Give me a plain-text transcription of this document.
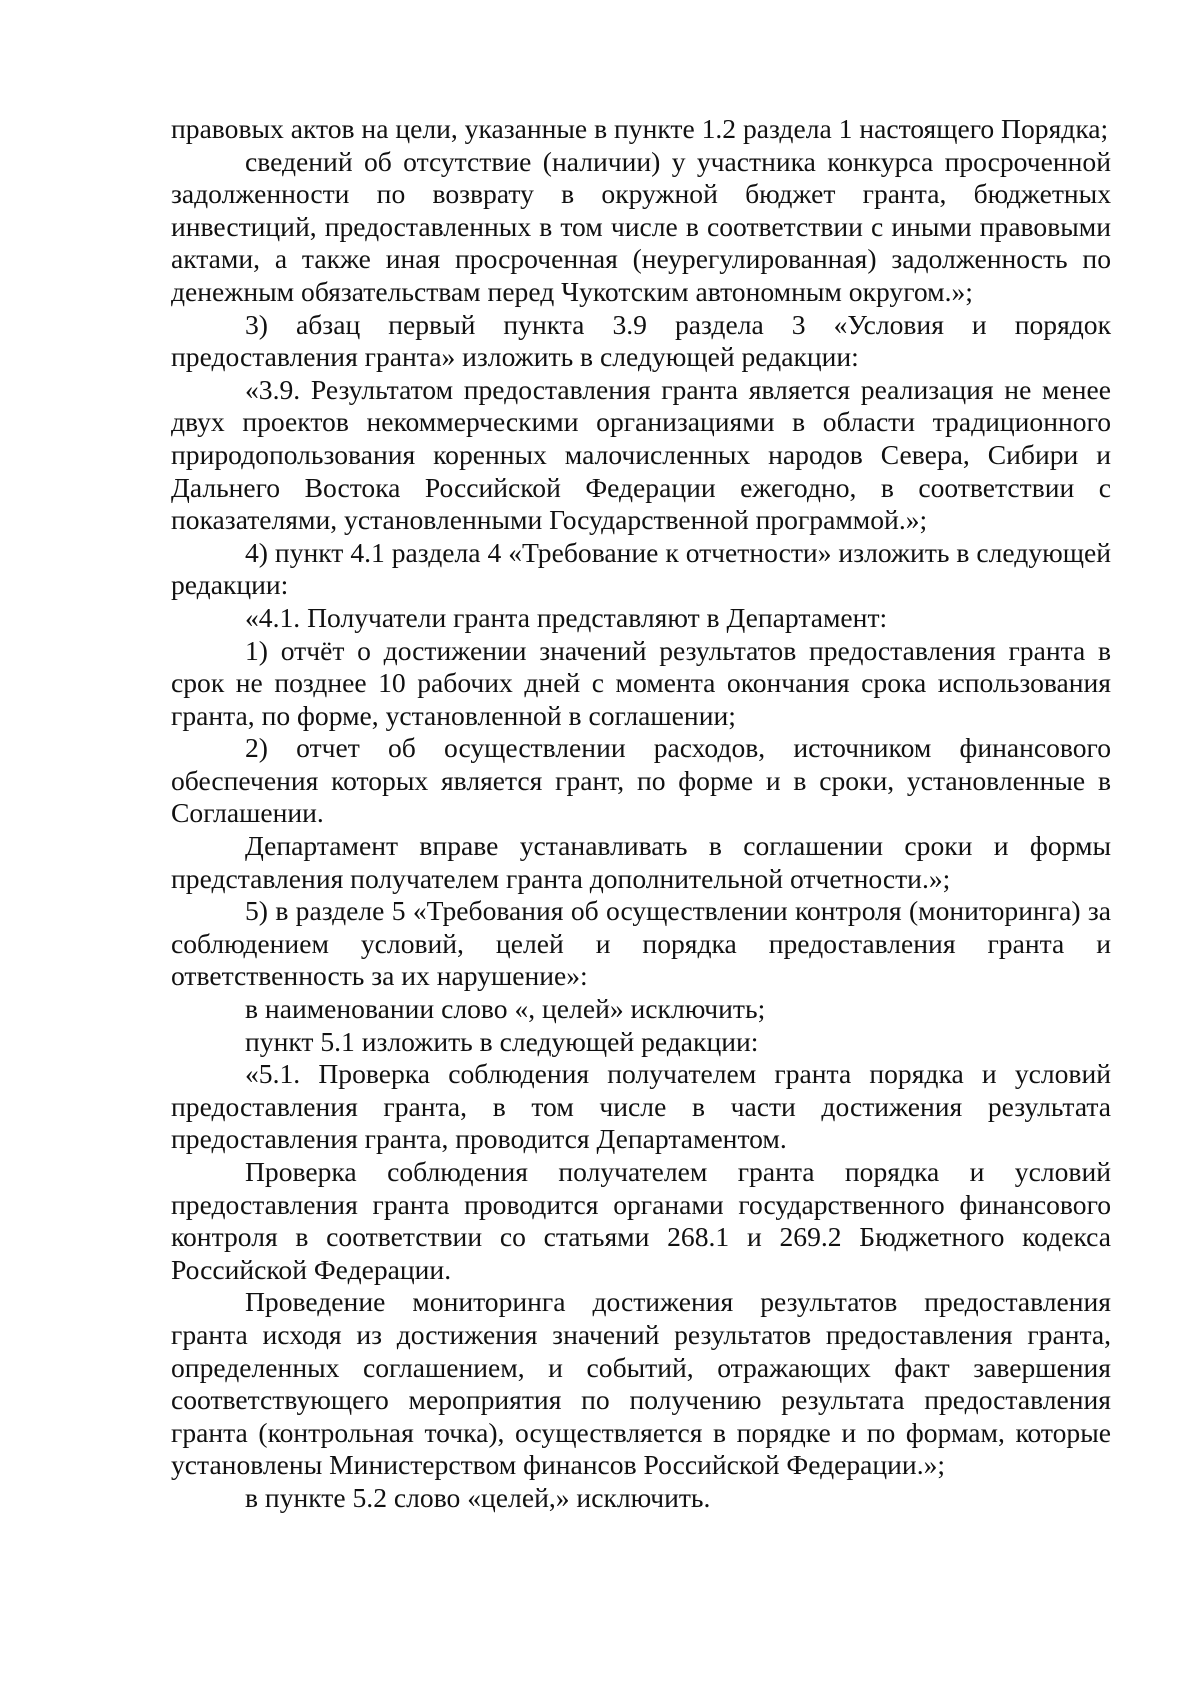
правовых актов на цели, указанные в пункте 1.2 раздела 1 настоящего Порядка;

сведений об отсутствие (наличии) у участника конкурса просроченной задолженности по возврату в окружной бюджет гранта, бюджетных инвестиций, предоставленных в том числе в соответствии с иными правовыми актами, а также иная просроченная (неурегулированная) задолженность по денежным обязательствам перед Чукотским автономным округом.»;

3) абзац первый пункта 3.9 раздела 3 «Условия и порядок предоставления гранта» изложить в следующей редакции:

«3.9. Результатом предоставления гранта является реализация не менее двух проектов некоммерческими организациями в области традиционного природопользования коренных малочисленных народов Севера, Сибири и Дальнего Востока Российской Федерации ежегодно, в соответствии с показателями, установленными Государственной программой.»;

4) пункт 4.1 раздела 4 «Требование к отчетности» изложить в следующей редакции:

«4.1. Получатели гранта представляют в Департамент:

1) отчёт о достижении значений результатов предоставления гранта в срок не позднее 10 рабочих дней с момента окончания срока использования гранта, по форме, установленной в соглашении;

2) отчет об осуществлении расходов, источником финансового обеспечения которых является грант, по форме и в сроки, установленные в Соглашении.

Департамент вправе устанавливать в соглашении сроки и формы представления получателем гранта дополнительной отчетности.»;

5) в разделе 5 «Требования об осуществлении контроля (мониторинга) за соблюдением условий, целей и порядка предоставления гранта и ответственность за их нарушение»:

в наименовании слово «, целей» исключить;

пункт 5.1 изложить в следующей редакции:

«5.1. Проверка соблюдения получателем гранта порядка и условий предоставления гранта, в том числе в части достижения результата предоставления гранта, проводится Департаментом.

Проверка соблюдения получателем гранта порядка и условий предоставления гранта проводится органами государственного финансового контроля в соответствии со статьями 268.1 и 269.2 Бюджетного кодекса Российской Федерации.

Проведение мониторинга достижения результатов предоставления гранта исходя из достижения значений результатов предоставления гранта, определенных соглашением, и событий, отражающих факт завершения соответствующего мероприятия по получению результата предоставления гранта (контрольная точка), осуществляется в порядке и по формам, которые установлены Министерством финансов Российской Федерации.»;

в пункте 5.2 слово «целей,» исключить.
